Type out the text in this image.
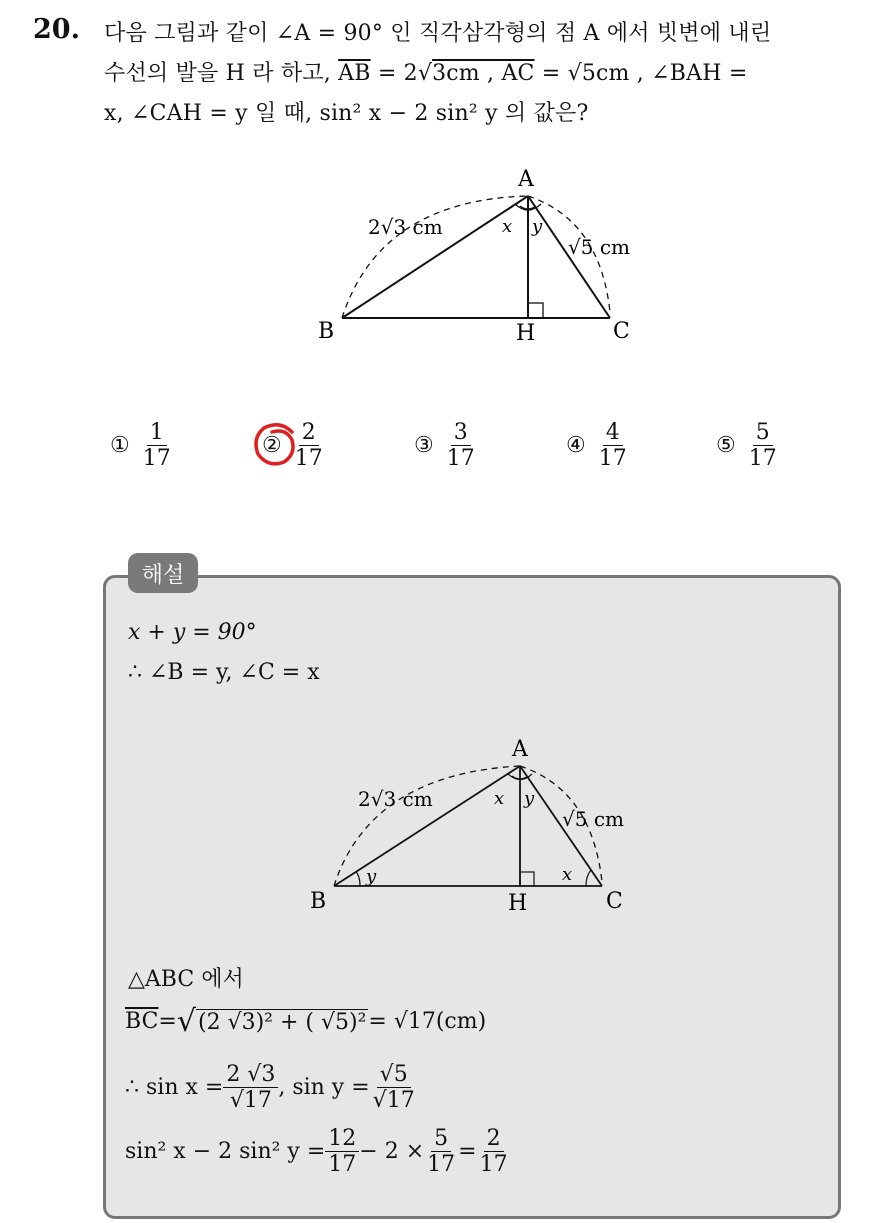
20. 다음 그림과 같이 ∠A = 90° 인 직각삼각형의 점 A 에서 빗변에 내린
수선의 발을 H 라 하고, $\overline{AB} = 2√3cm$ , $\overline{AC} = √5cm$ , ∠BAH =
x, ∠CAH = y 일 때, sin² x − 2 sin² y 의 값은?
A
B	C
H
2√3 cm
√5 cm
x y
① $\frac{1}{17}$	② $\frac{2}{17}$	③ $\frac{3}{17}$	④ $\frac{4}{17}$	⑤ $\frac{5}{17}$
해설
x + y = 90°
∴ ∠B = y, ∠C = x
A
B	C
H
2√3 cm
√5 cm
x y
y	x
△ABC 에서
$\overline{BC}$ = √ (2 √3)² + ( √5)² = √17(cm)
∴ $\sin x = \frac{2 √3}{√17}$ , $\sin y = \frac{√5}{√17}$
sin² x − 2 sin² $y = \frac{12}{17} - 2 \times \frac{5}{17} = \frac{2}{17}$
